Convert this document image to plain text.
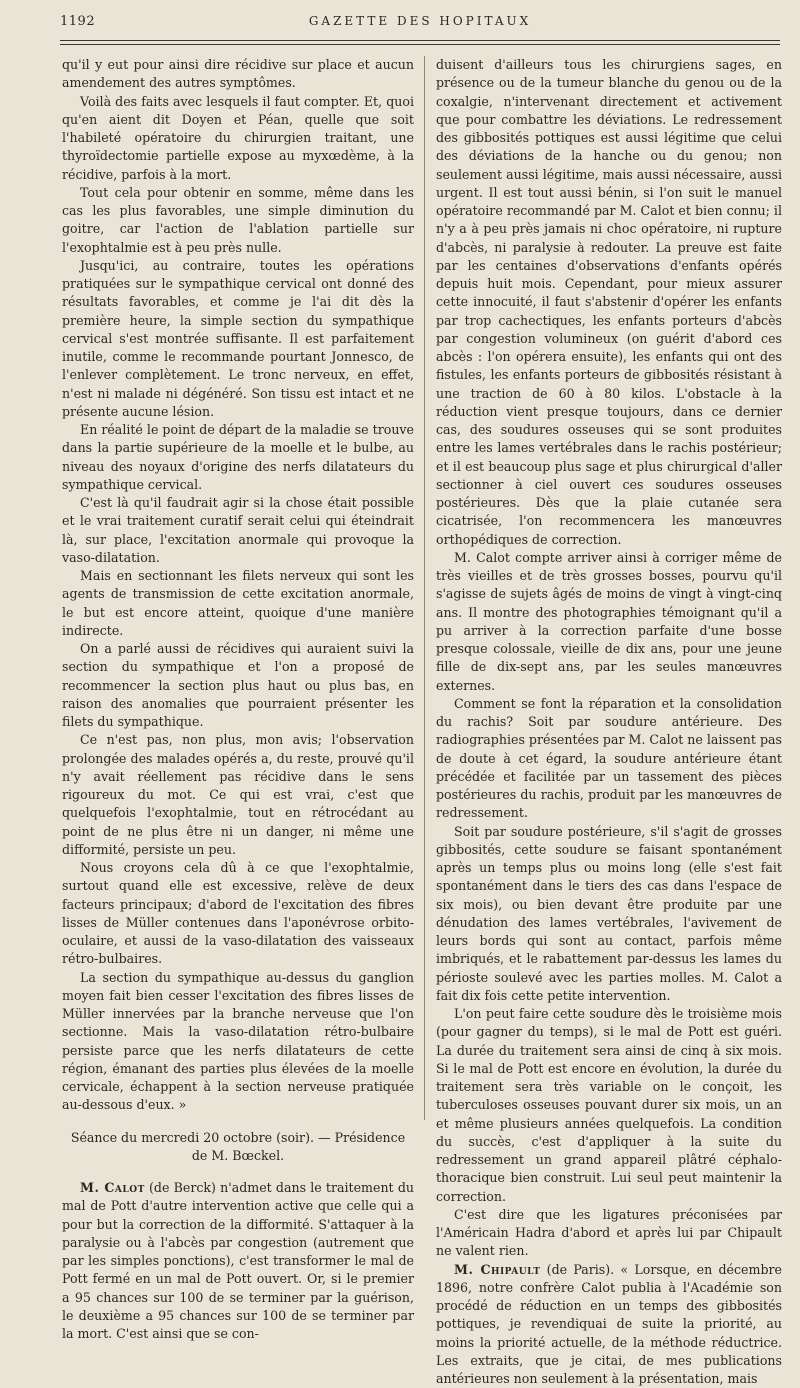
1192	GAZETTE DES HOPITAUX

qu'il y eut pour ainsi dire récidive sur place et aucun amendement des autres symptômes.

Voilà des faits avec lesquels il faut compter. Et, quoi qu'en aient dit Doyen et Péan, quelle que soit l'habileté opératoire du chirurgien traitant, une thyroïdectomie partielle expose au myxœdème, à la récidive, parfois à la mort.

Tout cela pour obtenir en somme, même dans les cas les plus favorables, une simple diminution du goitre, car l'action de l'ablation partielle sur l'exophtalmie est à peu près nulle.

Jusqu'ici, au contraire, toutes les opérations pratiquées sur le sympathique cervical ont donné des résultats favorables, et comme je l'ai dit dès la première heure, la simple section du sympathique cervical s'est montrée suffisante. Il est parfaitement inutile, comme le recommande pourtant Jonnesco, de l'enlever complètement. Le tronc nerveux, en effet, n'est ni malade ni dégénéré. Son tissu est intact et ne présente aucune lésion.

En réalité le point de départ de la maladie se trouve dans la partie supérieure de la moelle et le bulbe, au niveau des noyaux d'origine des nerfs dilatateurs du sympathique cervical.

C'est là qu'il faudrait agir si la chose était possible et le vrai traitement curatif serait celui qui éteindrait là, sur place, l'excitation anormale qui provoque la vaso-dilatation.

Mais en sectionnant les filets nerveux qui sont les agents de transmission de cette excitation anormale, le but est encore atteint, quoique d'une manière indirecte.

On a parlé aussi de récidives qui auraient suivi la section du sympathique et l'on a proposé de recommencer la section plus haut ou plus bas, en raison des anomalies que pourraient présenter les filets du sympathique.

Ce n'est pas, non plus, mon avis; l'observation prolongée des malades opérés a, du reste, prouvé qu'il n'y avait réellement pas récidive dans le sens rigoureux du mot. Ce qui est vrai, c'est que quelquefois l'exophtalmie, tout en rétrocédant au point de ne plus être ni un danger, ni même une difformité, persiste un peu.

Nous croyons cela dû à ce que l'exophtalmie, surtout quand elle est excessive, relève de deux facteurs principaux; d'abord de l'excitation des fibres lisses de Müller contenues dans l'aponévrose orbito-oculaire, et aussi de la vaso-dilatation des vaisseaux rétro-bulbaires.

La section du sympathique au-dessus du ganglion moyen fait bien cesser l'excitation des fibres lisses de Müller innervées par la branche nerveuse que l'on sectionne. Mais la vaso-dilatation rétro-bulbaire persiste parce que les nerfs dilatateurs de cette région, émanant des parties plus élevées de la moelle cervicale, échappent à la section nerveuse pratiquée au-dessous d'eux. »

Séance du mercredi 20 octobre (soir). — Présidence
de M. Bœckel.

M. Calot (de Berck) n'admet dans le traitement du mal de Pott d'autre intervention active que celle qui a pour but la correction de la difformité. S'attaquer à la paralysie ou à l'abcès par congestion (autrement que par les simples ponctions), c'est transformer le mal de Pott fermé en un mal de Pott ouvert. Or, si le premier a 95 chances sur 100 de se terminer par la guérison, le deuxième a 95 chances sur 100 de se terminer par la mort. C'est ainsi que se con-

duisent d'ailleurs tous les chirurgiens sages, en présence ou de la tumeur blanche du genou ou de la coxalgie, n'intervenant directement et activement que pour combattre les déviations. Le redressement des gibbosités pottiques est aussi légitime que celui des déviations de la hanche ou du genou; non seulement aussi légitime, mais aussi nécessaire, aussi urgent. Il est tout aussi bénin, si l'on suit le manuel opératoire recommandé par M. Calot et bien connu; il n'y a à peu près jamais ni choc opératoire, ni rupture d'abcès, ni paralysie à redouter. La preuve est faite par les centaines d'observations d'enfants opérés depuis huit mois. Cependant, pour mieux assurer cette innocuité, il faut s'abstenir d'opérer les enfants par trop cachectiques, les enfants porteurs d'abcès par congestion volumineux (on guérit d'abord ces abcès : l'on opérera ensuite), les enfants qui ont des fistules, les enfants porteurs de gibbosités résistant à une traction de 60 à 80 kilos. L'obstacle à la réduction vient presque toujours, dans ce dernier cas, des soudures osseuses qui se sont produites entre les lames vertébrales dans le rachis postérieur; et il est beaucoup plus sage et plus chirurgical d'aller sectionner à ciel ouvert ces soudures osseuses postérieures. Dès que la plaie cutanée sera cicatrisée, l'on recommencera les manœuvres orthopédiques de correction.

M. Calot compte arriver ainsi à corriger même de très vieilles et de très grosses bosses, pourvu qu'il s'agisse de sujets âgés de moins de vingt à vingt-cinq ans. Il montre des photographies témoignant qu'il a pu arriver à la correction parfaite d'une bosse presque colossale, vieille de dix ans, pour une jeune fille de dix-sept ans, par les seules manœuvres externes.

Comment se font la réparation et la consolidation du rachis? Soit par soudure antérieure. Des radiographies présentées par M. Calot ne laissent pas de doute à cet égard, la soudure antérieure étant précédée et facilitée par un tassement des pièces postérieures du rachis, produit par les manœuvres de redressement.

Soit par soudure postérieure, s'il s'agit de grosses gibbosités, cette soudure se faisant spontanément après un temps plus ou moins long (elle s'est fait spontanément dans le tiers des cas dans l'espace de six mois), ou bien devant être produite par une dénudation des lames vertébrales, l'avivement de leurs bords qui sont au contact, parfois même imbriqués, et le rabattement par-dessus les lames du périoste soulevé avec les parties molles. M. Calot a fait dix fois cette petite intervention.

L'on peut faire cette soudure dès le troisième mois (pour gagner du temps), si le mal de Pott est guéri. La durée du traitement sera ainsi de cinq à six mois. Si le mal de Pott est encore en évolution, la durée du traitement sera très variable on le conçoit, les tuberculoses osseuses pouvant durer six mois, un an et même plusieurs années quelquefois. La condition du succès, c'est d'appliquer à la suite du redressement un grand appareil plâtré céphalo-thoracique bien construit. Lui seul peut maintenir la correction.

C'est dire que les ligatures préconisées par l'Américain Hadra d'abord et après lui par Chipault ne valent rien.

M. Chipault (de Paris). « Lorsque, en décembre 1896, notre confrère Calot publia à l'Académie son procédé de réduction en un temps des gibbosités pottiques, je revendiquai de suite la priorité, au moins la priorité actuelle, de la méthode réductrice. Les extraits, que je citai, de mes publications antérieures non seulement à la présentation, mais
